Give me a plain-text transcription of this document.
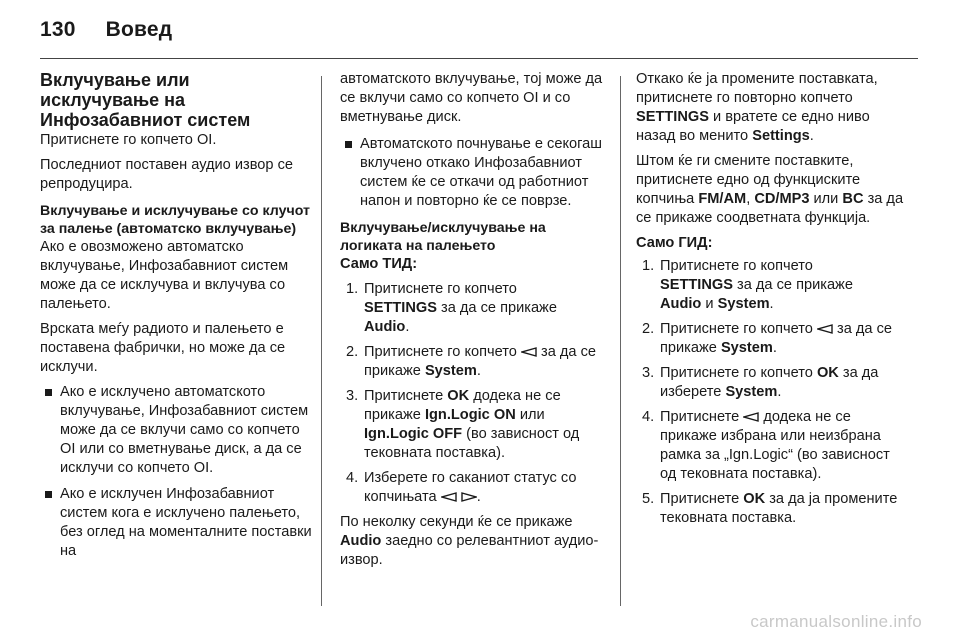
130 Вовед
Вклучување или исклучување на Инфозабавниот систем

Притиснете го копчето OI.

Последниот поставен аудио извор се репродуцира.

Вклучување и исклучување со клучот за палење (автоматско вклучување)

Ако е овозможено автоматско вклучување, Инфозабавниот систем може да се исклучува и вклучува со палењето.

Врската меѓу радиото и палењето е поставена фабрички, но може да се исклучи.

Ако е исклучено автоматското вклучување, Инфозабавниот систем може да се вклучи само со копчето OI или со вметнување диск, а да се исклучи со копчето OI.
Ако е исклучен Инфозабавниот систем кога е исклучено палењето, без оглед на моменталните поставки на

автоматското вклучување, тој може да се вклучи само со копчето OI и со вметнување диск.

Автоматското почнување е секогаш вклучено откако Инфозабавниот систем ќе се откачи од работниот напон и повторно ќе се поврзе.
Вклучување/исклучување на логиката на палењето

Само ТИД:

1. Притиснете го копчето
SETTINGS за да се прикаже
Audio.
2. Притиснете го копчето за да се прикаже System.
3. Притиснете OK додека не се прикаже Ign.Logic ON или
Ign.Logic OFF (во зависност од тековната поставка).
4. Изберете го саканиот статус со копчињата	.

По неколку секунди ќе се прикаже Audio заедно со релевантниот аудио-извор.

Откако ќе ја промените поставката, притиснете го повторно копчето SETTINGS и вратете се едно ниво назад во менито Settings.

Штом ќе ги смените поставките, притиснете едно од функциските копчиња FM/AM, CD/MP3 или BC за да се прикаже соодветната функција.

Само ГИД:

1. Притиснете го копчето
SETTINGS за да се прикаже
Audio и System.
2. Притиснете го копчето за да се прикаже System.
3. Притиснете го копчето OK за да изберете System.
4. Притиснете додека не се прикаже избрана или неизбрана рамка за „Ign.Logic“ (во зависност од тековната поставка).
5. Притиснете OK за да ја промените тековната поставка.
carmanualsonline.info
